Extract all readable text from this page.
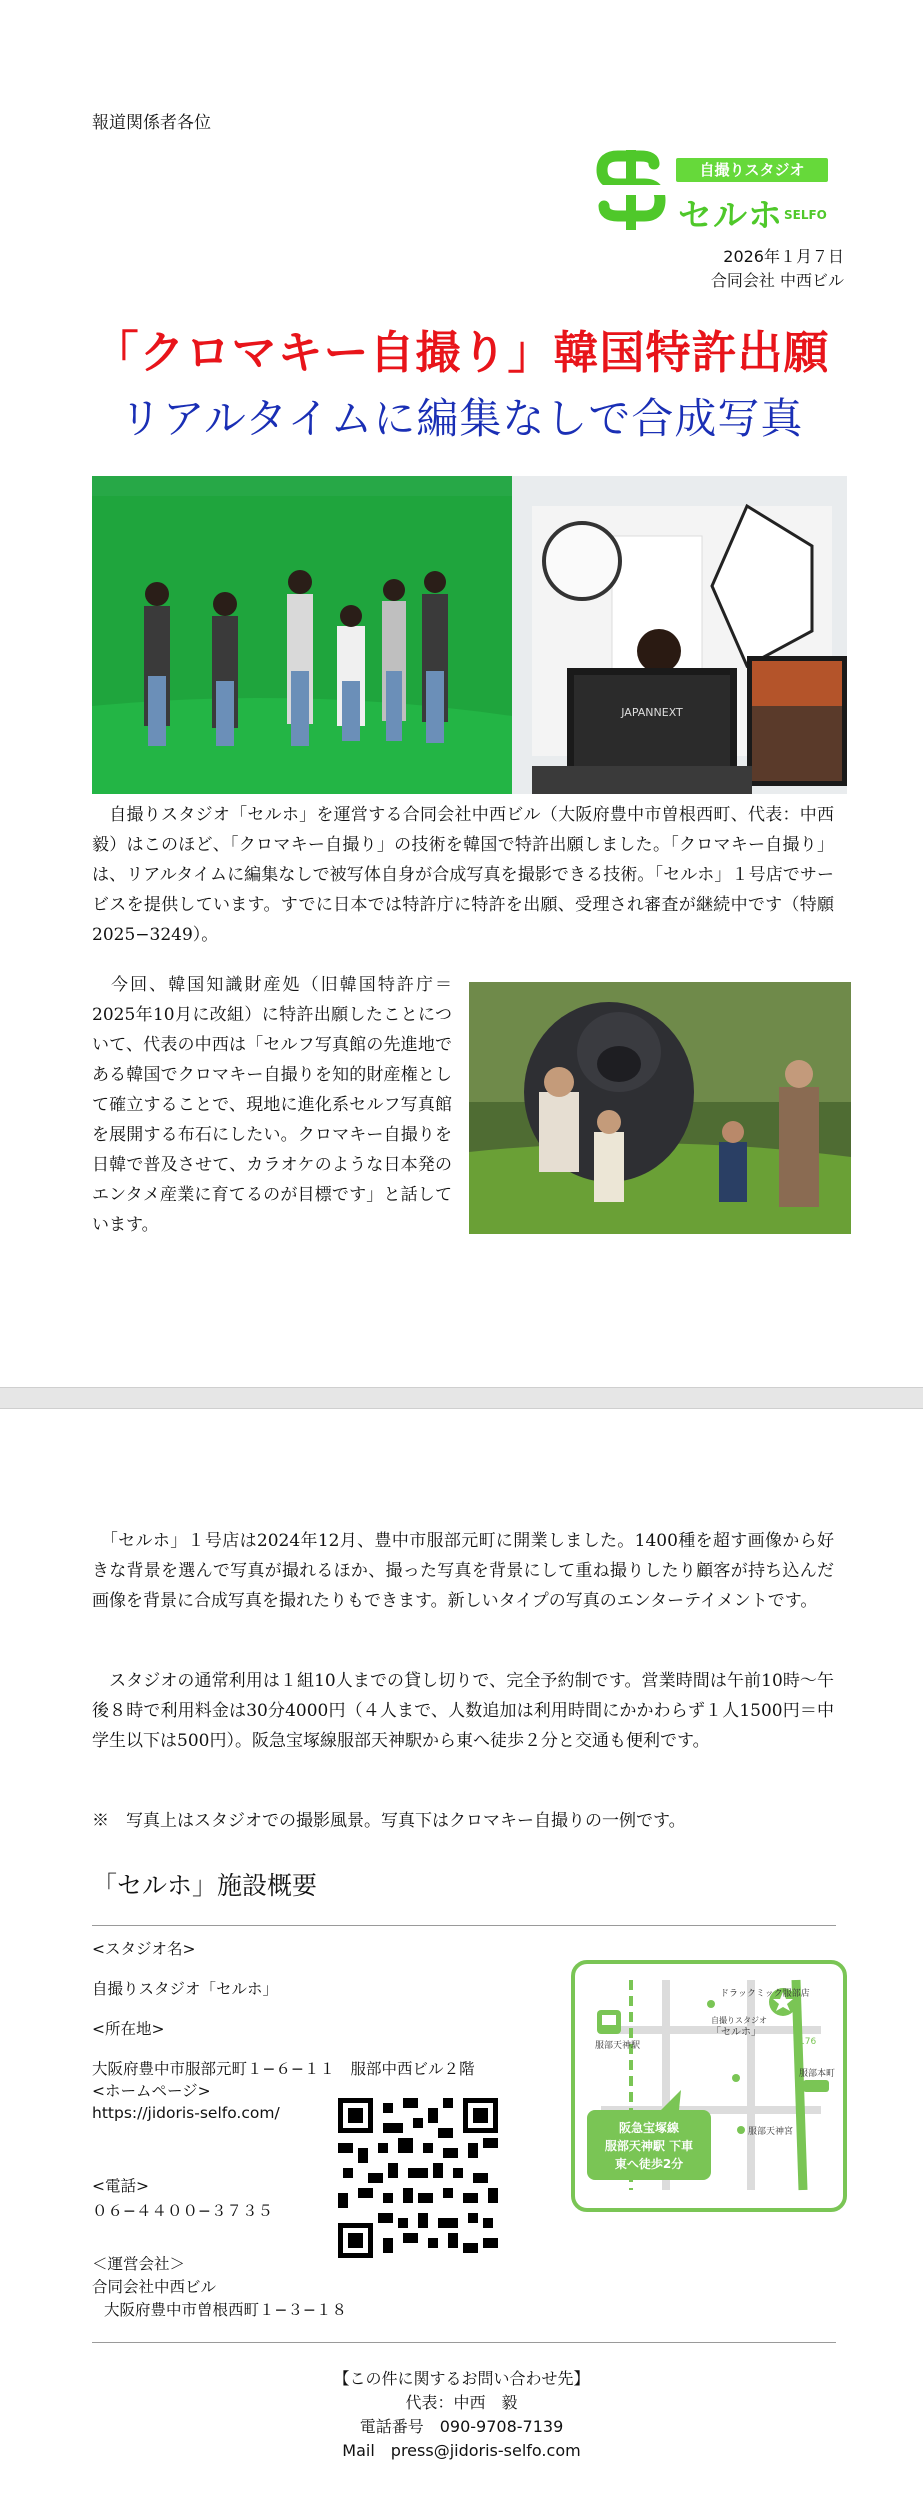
報道関係者各位
自撮りスタジオ
セルホ SELFO
2026年１月７日
合同会社 中西ビル
「クロマキー自撮り」韓国特許出願
リアルタイムに編集なしで合成写真
JAPANNEXT
　自撮りスタジオ「セルホ」を運営する合同会社中西ビル（大阪府豊中市曽根西町、代表：中西毅）はこのほど、「クロマキー自撮り」の技術を韓国で特許出願しました。「クロマキー自撮り」は、リアルタイムに編集なしで被写体自身が合成写真を撮影できる技術。「セルホ」１号店でサービスを提供しています。すでに日本では特許庁に特許を出願、受理され審査が継続中です（特願2025−3249）。
　今回、韓国知識財産処（旧韓国特許庁＝2025年10月に改組）に特許出願したことについて、代表の中西は「セルフ写真館の先進地である韓国でクロマキー自撮りを知的財産権として確立することで、現地に進化系セルフ写真館を展開する布石にしたい。クロマキー自撮りを日韓で普及させて、カラオケのような日本発のエンタメ産業に育てるのが目標です」と話しています。
　「セルホ」１号店は2024年12月、豊中市服部元町に開業しました。1400種を超す画像から好きな背景を選んで写真が撮れるほか、撮った写真を背景にして重ね撮りしたり顧客が持ち込んだ画像を背景に合成写真を撮れたりもできます。新しいタイプの写真のエンターテイメントです。
　スタジオの通常利用は１組10人までの貸し切りで、完全予約制です。営業時間は午前10時〜午後８時で利用料金は30分4000円（４人まで、人数追加は利用時間にかかわらず１人1500円＝中学生以下は500円）。阪急宝塚線服部天神駅から東へ徒歩２分と交通も便利です。
※　写真上はスタジオでの撮影風景。写真下はクロマキー自撮りの一例です。
「セルホ」施設概要
<スタジオ名>
自撮りスタジオ「セルホ」
<所在地>
大阪府豊中市服部元町１−６−１１　服部中西ビル２階
<ホームページ>
https://jidoris-selfo.com/
<電話>
０６−４４００−３７３５
＜運営会社＞
合同会社中西ビル
大阪府豊中市曽根西町１−３−１８
ドラックミック服部店
自撮りスタジオ
「セルホ」
服部天神駅	176
服部本町
服部天神宮
阪急宝塚線
服部天神駅 下車
東へ徒歩2分
【この件に関するお問い合わせ先】
代表：中西　毅
電話番号　090-9708-7139
Mail　press@jidoris-selfo.com
